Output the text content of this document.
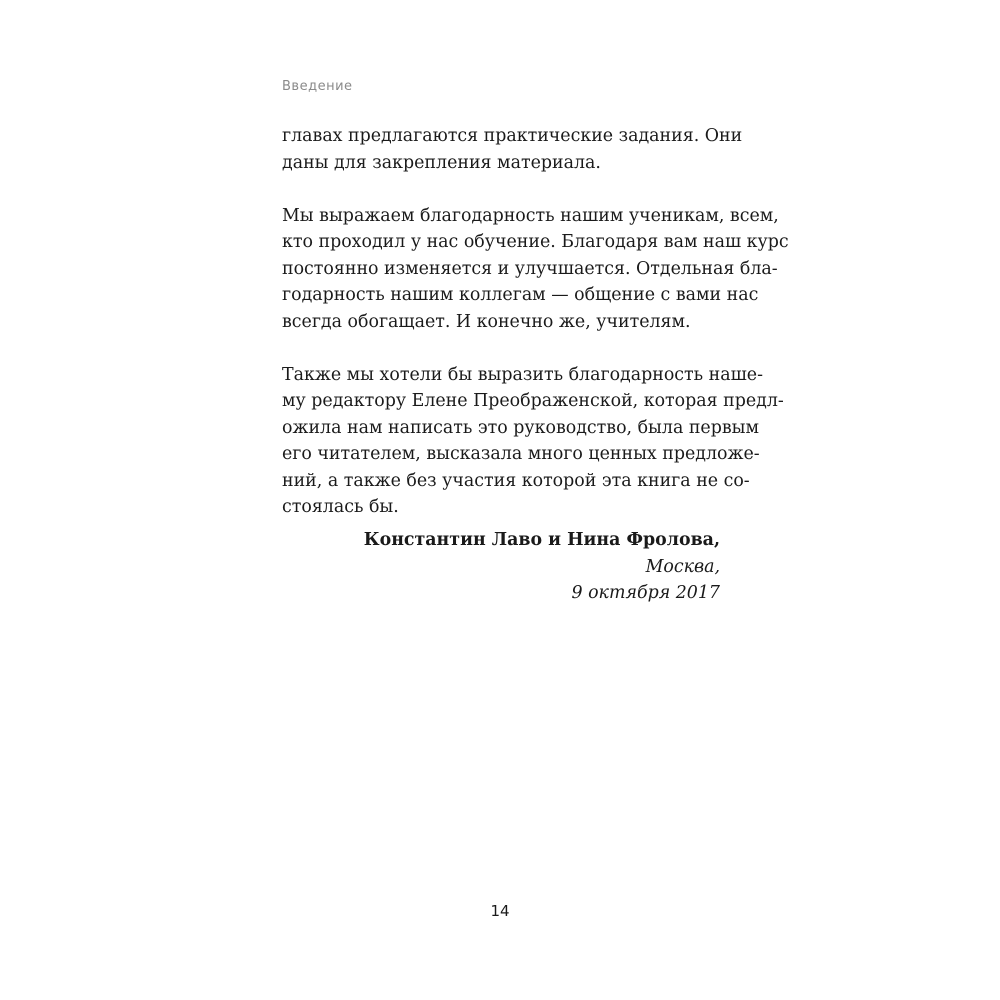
Введение
главах предлагаются практические задания. Они
даны для закрепления материала.
Мы выражаем благодарность нашим ученикам, всем,
кто проходил у нас обучение. Благодаря вам наш курс
постоянно изменяется и улучшается. Отдельная бла-
годарность нашим коллегам — общение с вами нас
всегда обогащает. И конечно же, учителям.
Также мы хотели бы выразить благодарность наше-
му редактору Елене Преображенской, которая предл-
ожила нам написать это руководство, была первым
его читателем, высказала много ценных предложе-
ний, а также без участия которой эта книга не со-
стоялась бы.
Константин Лаво и Нина Фролова,
Москва,
9 октября 2017
14
